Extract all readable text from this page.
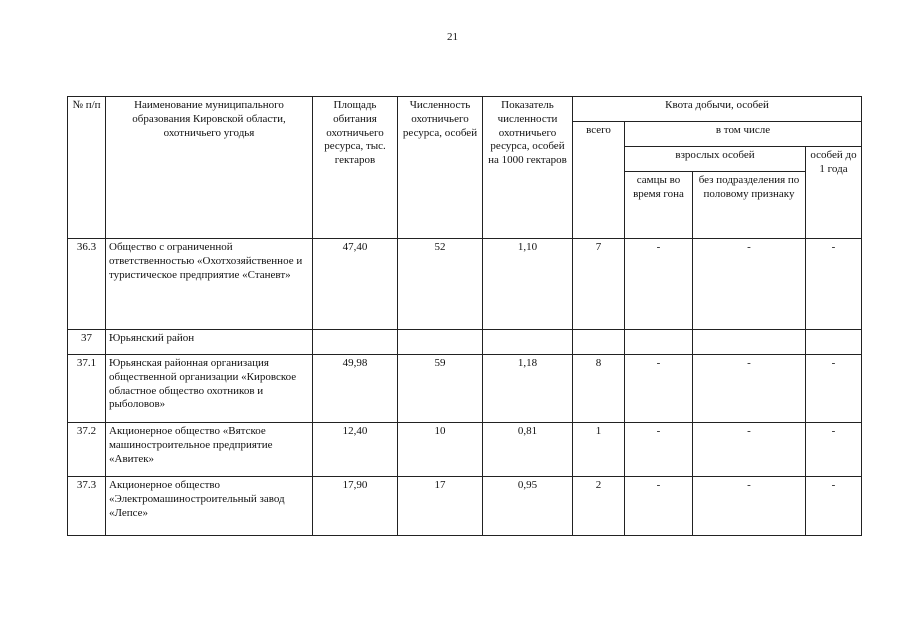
21
№ п/п	Наименование муниципального образования Кировской области, охотничьего угодья	Площадь обитания охотничьего ресурса, тыс. гектаров	Численность охотничьего ресурса, особей	Показатель численности охотничьего ресурса, особей на 1000 гектаров	Квота добычи, особей			
					всего	в том числе		
						взрослых особей		особей до 1 года
						самцы во время гона	без подразделения по половому признаку	
36.3	Общество с ограниченной ответственностью «Охотхозяйственное и туристическое предприятие «Станевт»	47,40	52	1,10	7	-	-	-
37	Юрьянский район							
37.1	Юрьянская районная организация общественной организации «Кировское областное общество охотников и рыболовов»	49,98	59	1,18	8	-	-	-
37.2	Акционерное общество «Вятское машиностроительное предприятие «Авитек»	12,40	10	0,81	1	-	-	-
37.3	Акционерное общество «Электромашиностроительный завод «Лепсе»	17,90	17	0,95	2	-	-	-
